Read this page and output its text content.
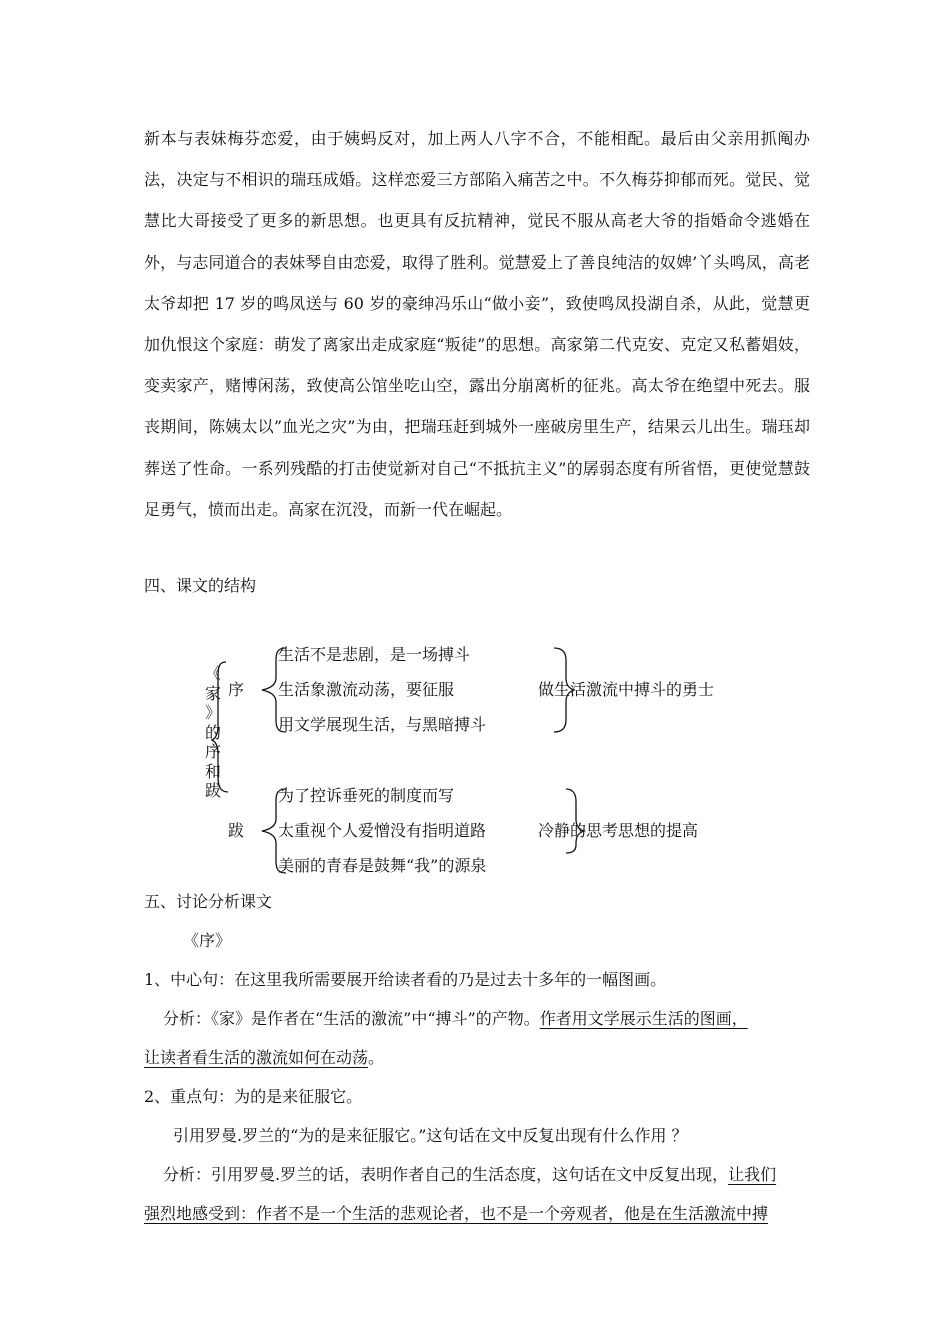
新本与表妹梅芬恋爱，由于姨蚂反对，加上两人八字不合，不能相配。最后由父亲用抓阄办法，决定与不相识的瑞珏成婚。这样恋爱三方部陷入痛苦之中。不久梅芬抑郁而死。觉民、觉慧比大哥接受了更多的新思想。也更具有反抗精神，觉民不服从高老大爷的指婚命令逃婚在外，与志同道合的表妹琴自由恋爱，取得了胜利。觉慧爱上了善良纯洁的奴婢’丫头鸣凤，高老太爷却把 17 岁的鸣凤送与 60 岁的豪绅冯乐山“做小妾”，致使鸣凤投湖自杀，从此，觉慧更加仇恨这个家庭：萌发了离家出走成家庭“叛徒”的思想。高家第二代克安、克定又私蓄娼妓，变卖家产，赌博闲荡，致使高公馆坐吃山空，露出分崩离析的征兆。高太爷在绝望中死去。服丧期间，陈姨太以”血光之灾”为由，把瑞珏赶到城外一座破房里生产，结果云儿出生。瑞珏却葬送了性命。一系列残酷的打击使觉新对自己“不抵抗主义”的孱弱态度有所省悟，更使觉慧鼓足勇气，愤而出走。高家在沉没，而新一代在崛起。

四、课文的结构
《
家
》
的
序
和
跋
序
生活不是悲剧，是一场搏斗
生活象激流动荡，要征服
用文学展现生活，与黑暗搏斗
做生活激流中搏斗的勇士
跋
为了控诉垂死的制度而写
太重视个人爱憎没有指明道路
美丽的青春是鼓舞“我”的源泉
冷静的思考思想的提高
五、讨论分析课文
《序》
1、中心句：在这里我所需要展开给读者看的乃是过去十多年的一幅图画。
分析：《家》是作者在“生活的激流”中“搏斗”的产物。作者用文学展示生活的图画，
让读者看生活的激流如何在动荡。
2、重点句：为的是来征服它。
引用罗曼.罗兰的“为的是来征服它。”这句话在文中反复出现有什么作用 ？
分析：引用罗曼.罗兰的话，表明作者自己的生活态度，这句话在文中反复出现，让我们
强烈地感受到：作者不是一个生活的悲观论者，也不是一个旁观者，他是在生活激流中搏
